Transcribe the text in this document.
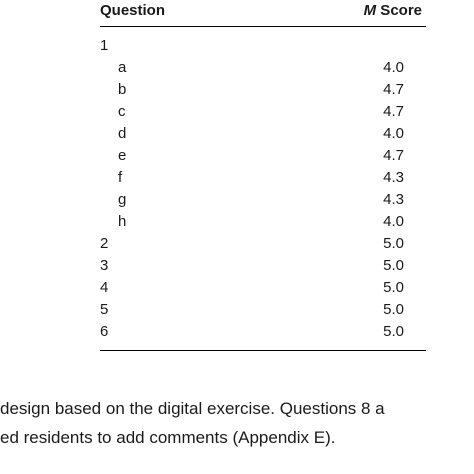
Question	M Score
1
a	4.0
b	4.7
c	4.7
d	4.0
e	4.7
f	4.3
g	4.3
h	4.0
2	5.0
3	5.0
4	5.0
5	5.0
6	5.0
design based on the digital exercise. Questions 8 a
ed residents to add comments (Appendix E).
